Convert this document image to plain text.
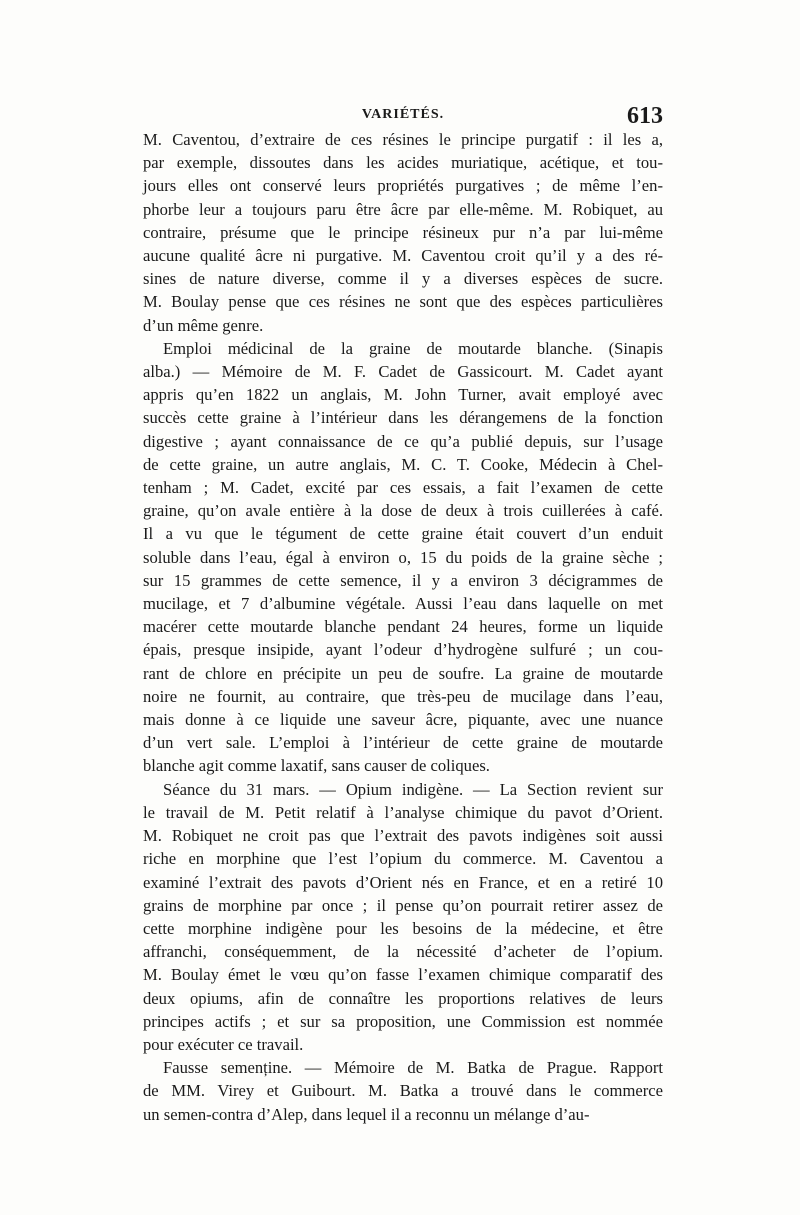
VARIÉTÉS.	613
M. Caventou, d’extraire de ces résines le principe purgatif : il les a,
par exemple, dissoutes dans les acides muriatique, acétique, et tou-
jours elles ont conservé leurs propriétés purgatives ; de même l’en-
phorbe leur a toujours paru être âcre par elle-même. M. Robiquet, au
contraire, présume que le principe résineux pur n’a par lui-même
aucune qualité âcre ni purgative. M. Caventou croit qu’il y a des ré-
sines de nature diverse, comme il y a diverses espèces de sucre.
M. Boulay pense que ces résines ne sont que des espèces particulières
d’un même genre.
Emploi médicinal de la graine de moutarde blanche. (Sinapis
alba.) — Mémoire de M. F. Cadet de Gassicourt. M. Cadet ayant
appris qu’en 1822 un anglais, M. John Turner, avait employé avec
succès cette graine à l’intérieur dans les dérangemens de la fonction
digestive ; ayant connaissance de ce qu’a publié depuis, sur l’usage
de cette graine, un autre anglais, M. C. T. Cooke, Médecin à Chel-
tenham ; M. Cadet, excité par ces essais, a fait l’examen de cette
graine, qu’on avale entière à la dose de deux à trois cuillerées à café.
Il a vu que le tégument de cette graine était couvert d’un enduit
soluble dans l’eau, égal à environ o, 15 du poids de la graine sèche ;
sur 15 grammes de cette semence, il y a environ 3 décigrammes de
mucilage, et 7 d’albumine végétale. Aussi l’eau dans laquelle on met
macérer cette moutarde blanche pendant 24 heures, forme un liquide
épais, presque insipide, ayant l’odeur d’hydrogène sulfuré ; un cou-
rant de chlore en précipite un peu de soufre. La graine de moutarde
noire ne fournit, au contraire, que très-peu de mucilage dans l’eau,
mais donne à ce liquide une saveur âcre, piquante, avec une nuance
d’un vert sale. L’emploi à l’intérieur de cette graine de moutarde
blanche agit comme laxatif, sans causer de coliques.
Séance du 31 mars. — Opium indigène. — La Section revient sur
le travail de M. Petit relatif à l’analyse chimique du pavot d’Orient.
M. Robiquet ne croit pas que l’extrait des pavots indigènes soit aussi
riche en morphine que l’est l’opium du commerce. M. Caventou a
examiné l’extrait des pavots d’Orient nés en France, et en a retiré 10
grains de morphine par once ; il pense qu’on pourrait retirer assez de
cette morphine indigène pour les besoins de la médecine, et être
affranchi, conséquemment, de la nécessité d’acheter de l’opium.
M. Boulay émet le vœu qu’on fasse l’examen chimique comparatif des
deux opiums, afin de connaître les proportions relatives de leurs
principes actifs ; et sur sa proposition, une Commission est nommée
pour exécuter ce travail.
Fausse semenține. — Mémoire de M. Batka de Prague. Rapport
de MM. Virey et Guibourt. M. Batka a trouvé dans le commerce
un semen-contra d’Alep, dans lequel il a reconnu un mélange d’au-
